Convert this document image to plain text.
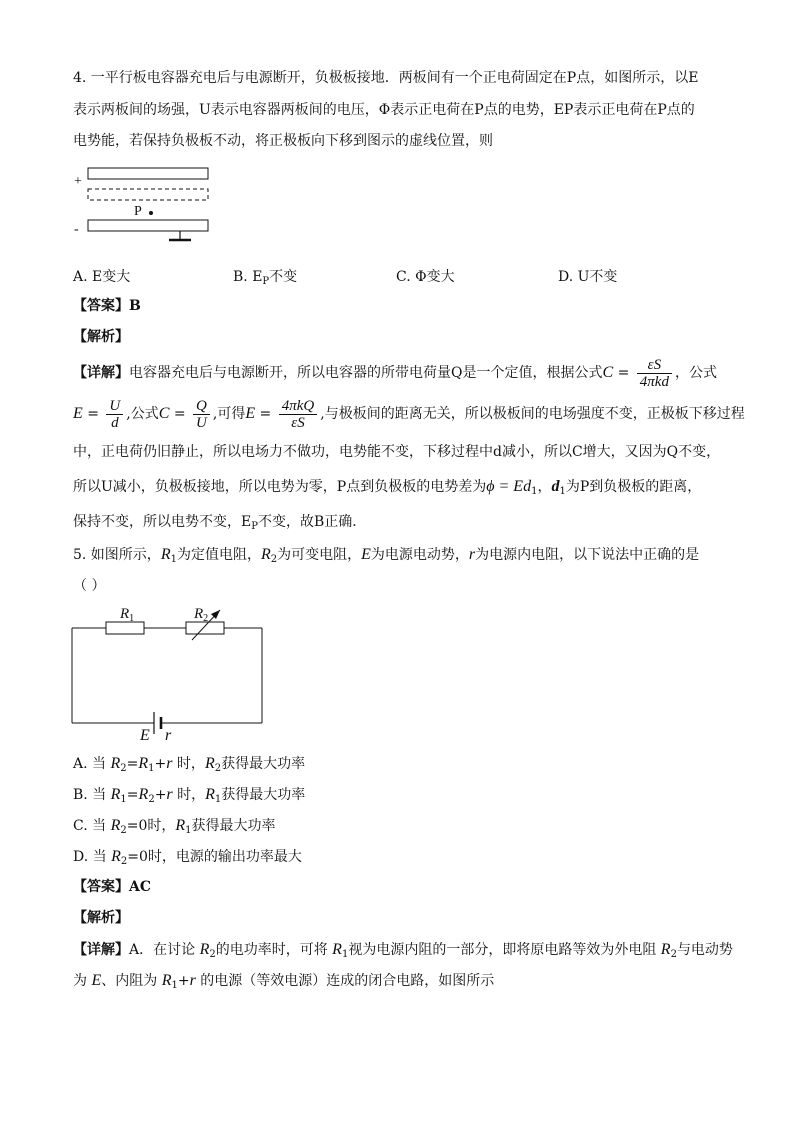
4. 一平行板电容器充电后与电源断开，负极板接地．两板间有一个正电荷固定在P点，如图所示，以E
表示两板间的场强，U表示电容器两板间的电压，Φ表示正电荷在P点的电势，EP表示正电荷在P点的
电势能，若保持负极板不动，将正极板向下移到图示的虚线位置，则
+
P
-
A. E变大	B. $E_P$不变	C. Φ变大	D. U不变
【答案】B
【解析】
【详解】电容器充电后与电源断开，所以电容器的所带电荷量Q是一个定值，根据公式$C = \frac{\varepsilon S}{\text{4πkd}}$ ，公式
$E = \frac{U}{d}$ ,公式$C = \frac{Q}{U}$ ,可得$E = \frac{\text{4πkQ}}{\varepsilon S}$ ,与极板间的距离无关，所以极板间的电场强度不变，正极板下移过程
中，正电荷仍旧静止，所以电场力不做功，电势能不变，下移过程中d减小，所以C增大，又因为Q不变，
所以U减小，负极板接地，所以电势为零，P点到负极板的电势差为$\phi = Ed_1$，$d_1$为P到负极板的距离，
保持不变，所以电势不变，$E_P$不变，故B正确．
5. 如图所示，$R_1$为定值电阻，$R_2$为可变电阻，E为电源电动势，r为电源内电阻，以下说法中正确的是
（ ）
$R_1$	$R_2$
E r
A. 当 $R_2=R_1+r$ 时，$R_2$获得最大功率
B. 当 $R_1=R_2+r$ 时，$R_1$获得最大功率
C. 当 $R_2=0$时，$R_1$获得最大功率
D. 当 $R_2=0$时，电源的输出功率最大
【答案】AC
【解析】
【详解】A．在讨论 $R_2$的电功率时，可将 $R_1$视为电源内阻的一部分，即将原电路等效为外电阻 $R_2$与电动势
为 E、内阻为 $R_1+r$ 的电源（等效电源）连成的闭合电路，如图所示
